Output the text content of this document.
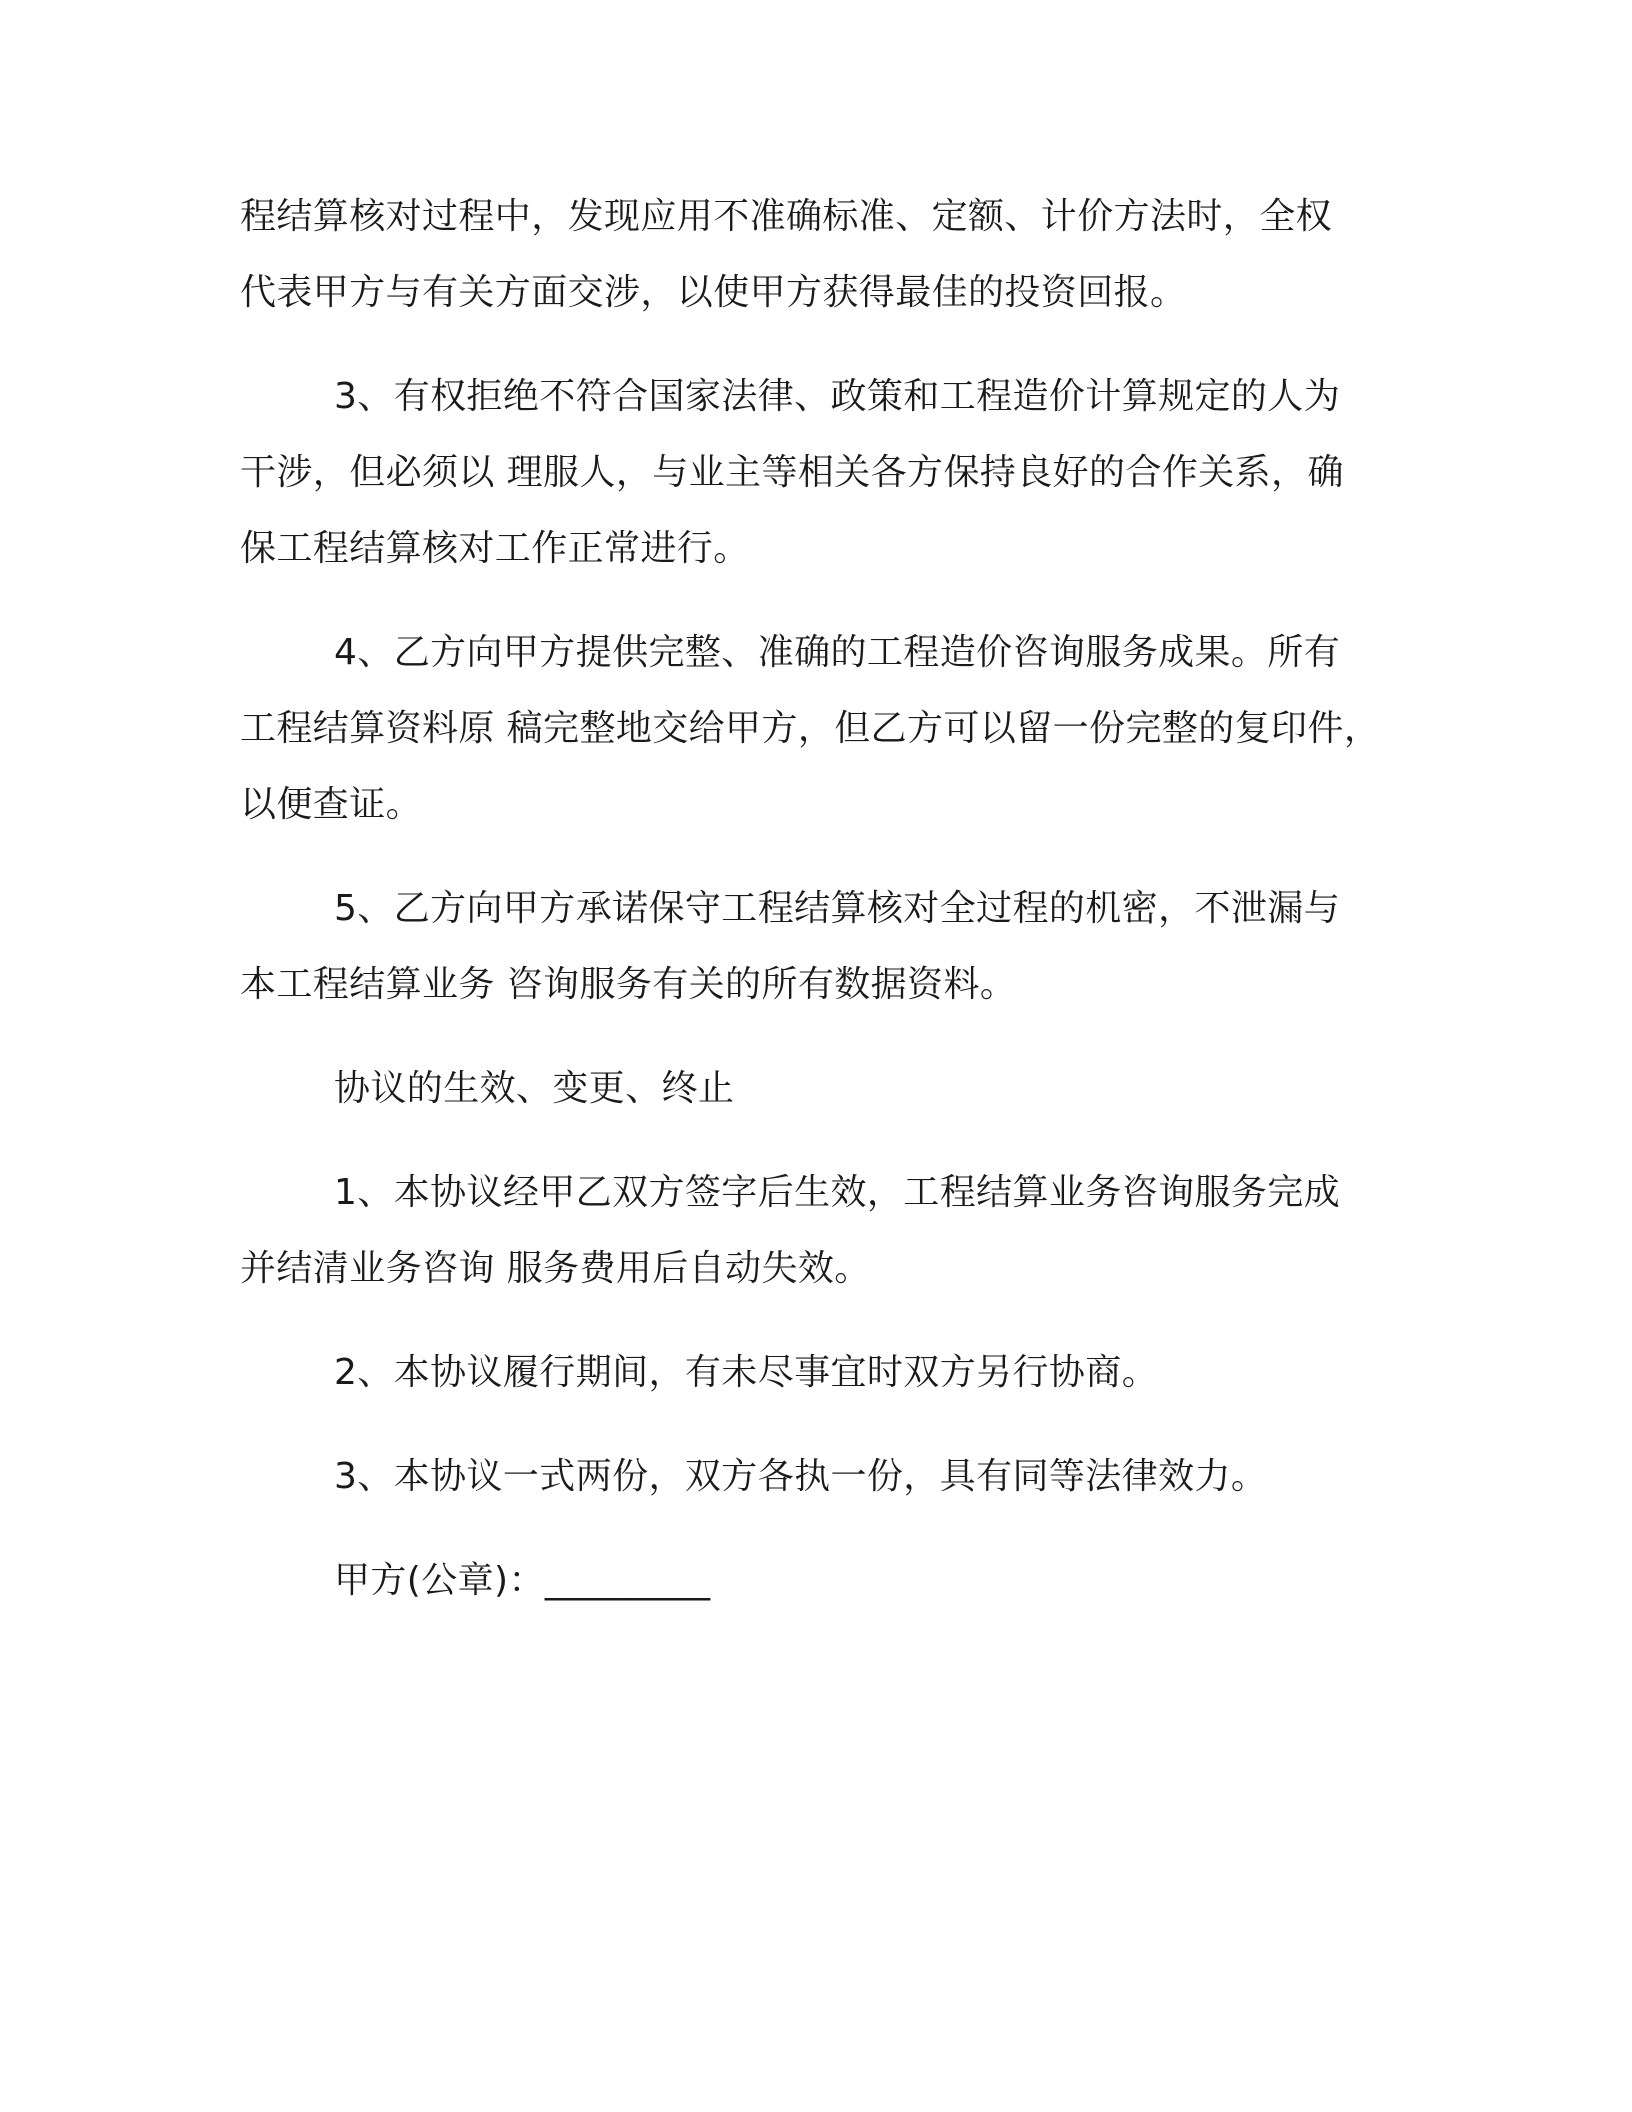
程结算核对过程中，发现应用不准确标准、定额、计价方法时，全权
代表甲方与有关方面交涉，以使甲方获得最佳的投资回报。
3、有权拒绝不符合国家法律、政策和工程造价计算规定的人为
干涉，但必须以 理服人，与业主等相关各方保持良好的合作关系，确
保工程结算核对工作正常进行。
4、乙方向甲方提供完整、准确的工程造价咨询服务成果。所有
工程结算资料原 稿完整地交给甲方，但乙方可以留一份完整的复印件，
以便查证。
5、乙方向甲方承诺保守工程结算核对全过程的机密，不泄漏与
本工程结算业务 咨询服务有关的所有数据资料。
协议的生效、变更、终止
1、本协议经甲乙双方签字后生效，工程结算业务咨询服务完成
并结清业务咨询 服务费用后自动失效。
2、本协议履行期间，有未尽事宜时双方另行协商。
3、本协议一式两份，双方各执一份，具有同等法律效力。
甲方(公章)：_________
